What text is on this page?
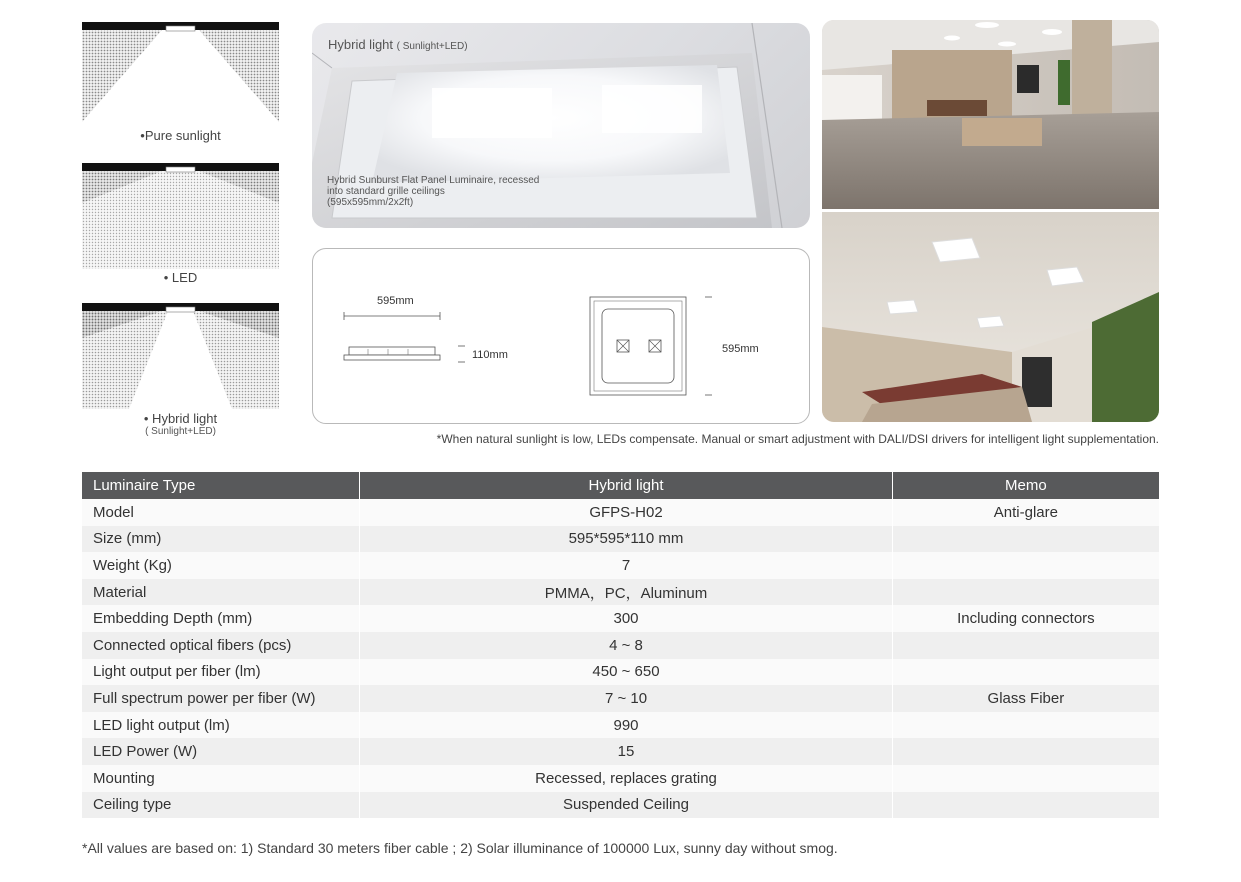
•Pure sunlight
• LED
• Hybrid light
( Sunlight+LED)
Hybrid light ( Sunlight+LED)
Hybrid Sunburst Flat Panel Luminaire, recessed
into standard grille ceilings
(595x595mm/2x2ft)
595mm
110mm	595mm
*When natural sunlight is low, LEDs compensate. Manual or smart adjustment with DALI/DSI drivers for intelligent light supplementation.
Luminaire Type	Hybrid light	Memo
Model	GFPS-H02	Anti-glare
Size (mm)	595*595*110 mm	
Weight (Kg)	7	
Material	PMMA，PC，Aluminum	
Embedding Depth (mm)	300	Including connectors
Connected optical fibers (pcs)	4 ~ 8	
Light output per fiber (lm)	450 ~ 650	
Full spectrum power per fiber (W)	7 ~ 10	Glass Fiber
LED light output (lm)	990	
LED Power (W)	15	
Mounting	Recessed, replaces grating	
Ceiling type	Suspended Ceiling	
*All values are based on: 1) Standard 30 meters fiber cable ; 2) Solar illuminance of 100000 Lux, sunny day without smog.
